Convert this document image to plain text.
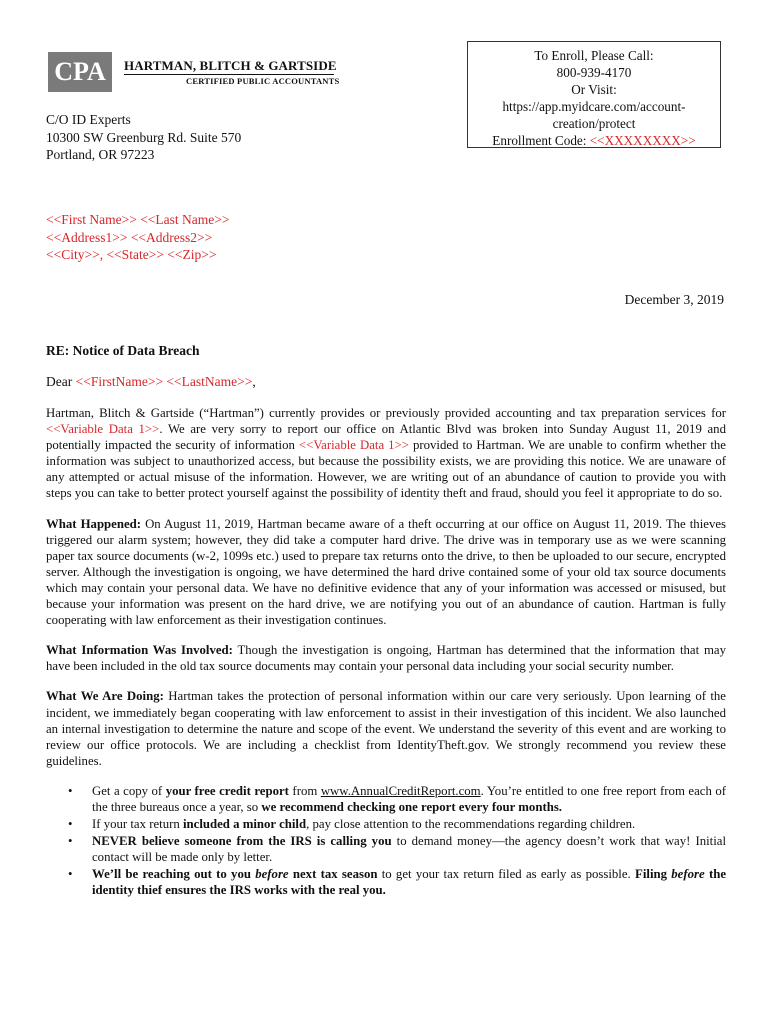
CPA	HARTMAN, BLITCH & GARTSIDE
CERTIFIED PUBLIC ACCOUNTANTS
To Enroll, Please Call:
800-939-4170
Or Visit:
https://app.myidcare.com/account-
creation/protect
Enrollment Code: <<XXXXXXXX>>
C/O ID Experts
10300 SW Greenburg Rd. Suite 570
Portland, OR 97223
<<First Name>> <<Last Name>>
<<Address1>> <<Address2>>
<<City>>, <<State>> <<Zip>>
December 3, 2019
RE: Notice of Data Breach
Dear <<FirstName>> <<LastName>>,

Hartman, Blitch & Gartside (“Hartman”) currently provides or previously provided accounting and tax preparation services for <<Variable Data 1>>. We are very sorry to report our office on Atlantic Blvd was broken into Sunday August 11, 2019 and potentially impacted the security of information <<Variable Data 1>> provided to Hartman. We are unable to confirm whether the information was subject to unauthorized access, but because the possibility exists, we are providing this notice. We are unaware of any attempted or actual misuse of the information. However, we are writing out of an abundance of caution to provide you with steps you can take to better protect yourself against the possibility of identity theft and fraud, should you feel it appropriate to do so.

What Happened: On August 11, 2019, Hartman became aware of a theft occurring at our office on August 11, 2019. The thieves triggered our alarm system; however, they did take a computer hard drive. The drive was in temporary use as we were scanning paper tax source documents (w-2, 1099s etc.) used to prepare tax returns onto the drive, to then be uploaded to our secure, encrypted server. Although the investigation is ongoing, we have determined the hard drive contained some of your old tax source documents which may contain your personal data. We have no definitive evidence that any of your information was accessed or misused, but because your information was present on the hard drive, we are notifying you out of an abundance of caution. Hartman is fully cooperating with law enforcement as their investigation continues.

What Information Was Involved: Though the investigation is ongoing, Hartman has determined that the information that may have been included in the old tax source documents may contain your personal data including your social security number.

What We Are Doing: Hartman takes the protection of personal information within our care very seriously. Upon learning of the incident, we immediately began cooperating with law enforcement to assist in their investigation of this incident. We also launched an internal investigation to determine the nature and scope of the event. We understand the severity of this event and are working to review our office protocols. We are including a checklist from IdentityTheft.gov. We strongly recommend you review these guidelines.

• Get a copy of your free credit report from www.AnnualCreditReport.com. You’re entitled to one free report from each of the three bureaus once a year, so we recommend checking one report every four months.
• If your tax return included a minor child, pay close attention to the recommendations regarding children.
• NEVER believe someone from the IRS is calling you to demand money—the agency doesn’t work that way! Initial contact will be made only by letter.
• We’ll be reaching out to you before next tax season to get your tax return filed as early as possible. Filing before the identity thief ensures the IRS works with the real you.
